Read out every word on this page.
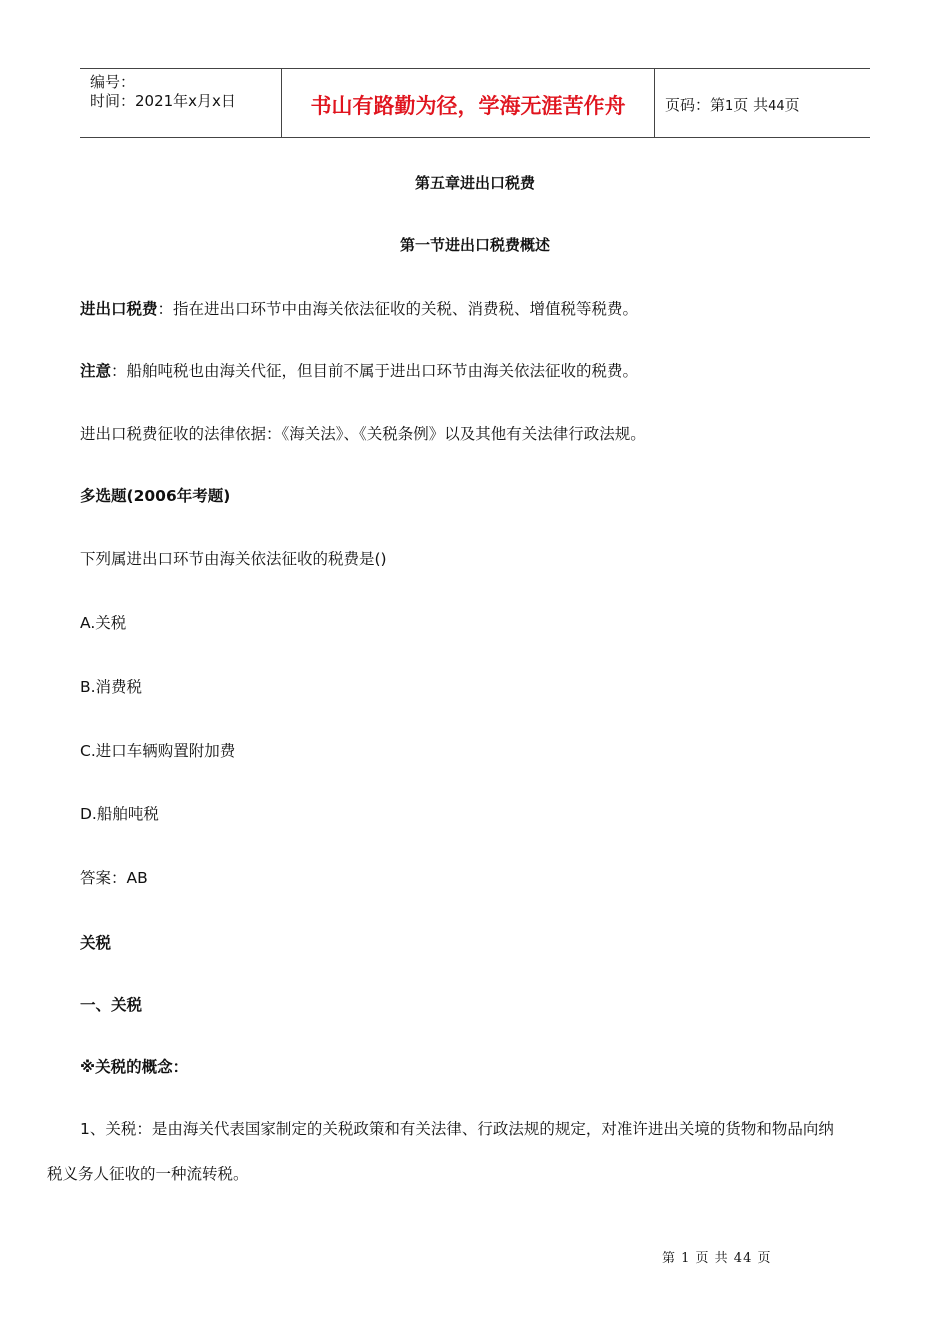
编号：
时间：2021年x月x日	书山有路勤为径，学海无涯苦作舟	页码：第1页 共44页
第五章进出口税费
第一节进出口税费概述
进出口税费：指在进出口环节中由海关依法征收的关税、消费税、增值税等税费。
注意：船舶吨税也由海关代征，但目前不属于进出口环节由海关依法征收的税费。
进出口税费征收的法律依据：《海关法》、《关税条例》以及其他有关法律行政法规。
多选题(2006年考题)
下列属进出口环节由海关依法征收的税费是()
A.关税
B.消费税
C.进口车辆购置附加费
D.船舶吨税
答案：AB
关税
一、关税
※关税的概念：
1、关税：是由海关代表国家制定的关税政策和有关法律、行政法规的规定，对准许进出关境的货物和物品向纳
税义务人征收的一种流转税。
第 1 页 共 44 页
